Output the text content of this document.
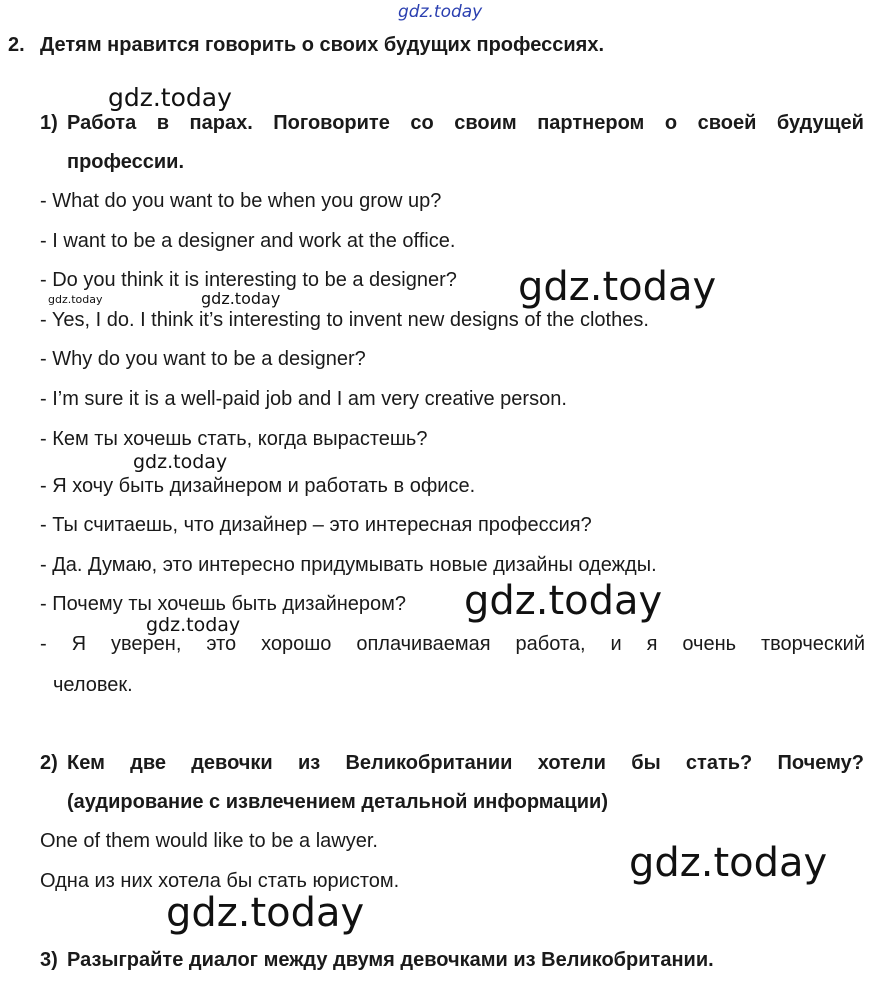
gdz.today
gdz.today
gdz.today
gdz.today	gdz.today
gdz.today
gdz.today
gdz.today
gdz.today
gdz.today
2. Детям нравится говорить о своих будущих профессиях.
1) Работа в парах. Поговорите со своим партнером о своей будущей
профессии.
- What do you want to be when you grow up?
- I want to be a designer and work at the office.
- Do you think it is interesting to be a designer?
- Yes, I do. I think it’s interesting to invent new designs of the clothes.
- Why do you want to be a designer?
- I’m sure it is a well-paid job and I am very creative person.
- Кем ты хочешь стать, когда вырастешь?
- Я хочу быть дизайнером и работать в офисе.
- Ты считаешь, что дизайнер – это интересная профессия?
- Да. Думаю, это интересно придумывать новые дизайны одежды.
- Почему ты хочешь быть дизайнером?
- Я уверен, это хорошо оплачиваемая работа, и я очень творческий
человек.
2) Кем две девочки из Великобритании хотели бы стать? Почему?
(аудирование с извлечением детальной информации)
One of them would like to be a lawyer.
Одна из них хотела бы стать юристом.
3) Разыграйте диалог между двумя девочками из Великобритании.
